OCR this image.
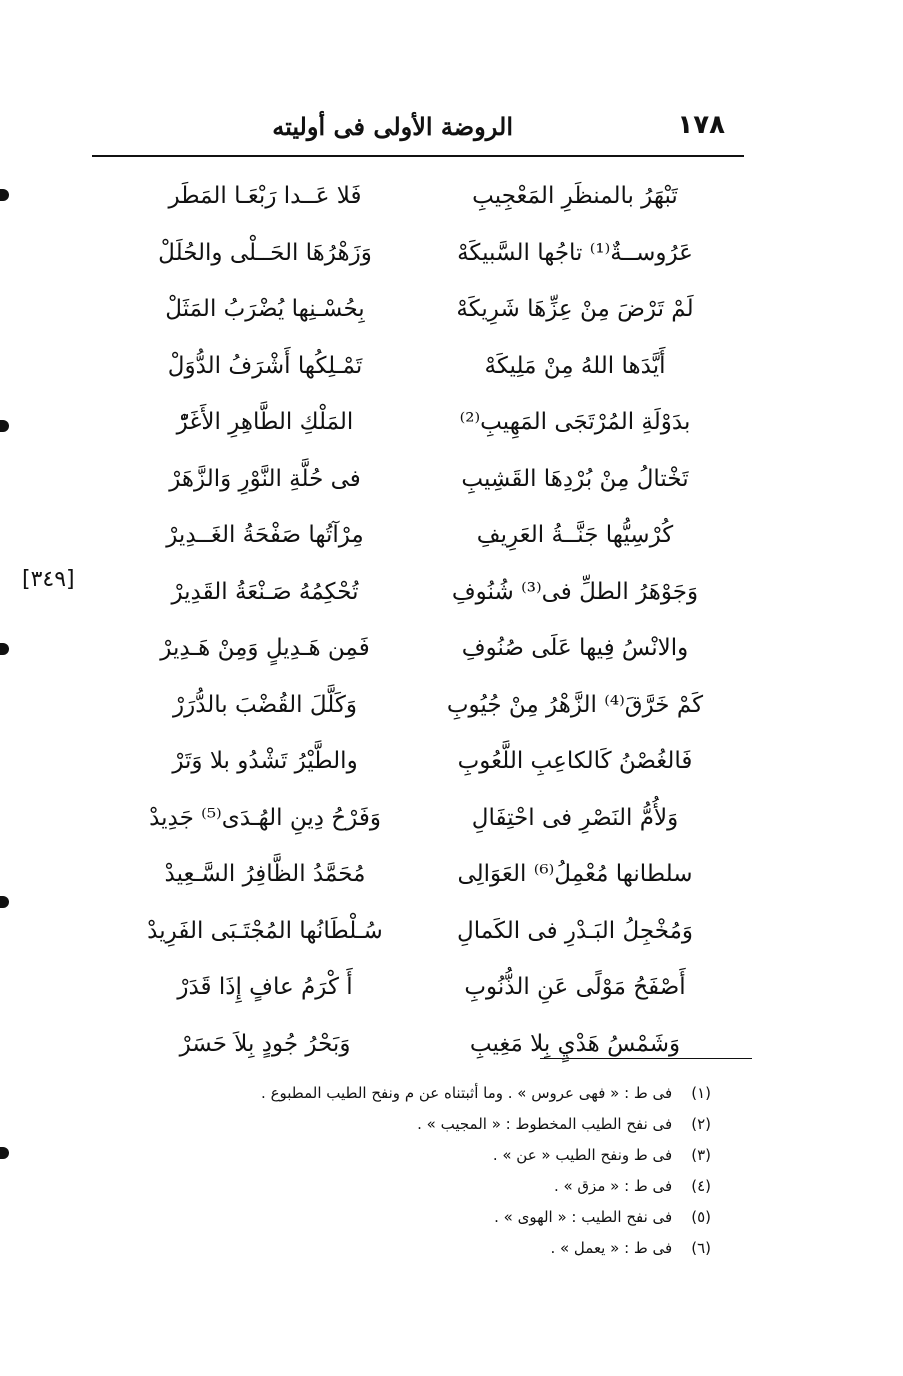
١٧٨
الروضة الأولى فى أوليته
تَبْهَرُ بالمنظَرِ المَعْجِيبِ
فَلا عَــدا رَبْعَـا المَطَر
عَرُوســةٌ⁽¹⁾ تاجُها السَّبيكَهْ
وَزَهْرُهَا الحَــلْى والحُلَلْ
لَمْ تَرْضَ مِنْ عِزِّهَا شَرِيكَهْ
بِحُسْـنِها يُضْرَبُ المَثَلْ
أَيَّدَها اللهُ مِنْ مَلِيكَهْ
تَمْـلِكُها أَشْرَفُ الدُّوَلْ
بدَوْلَةِ المُرْتَجَى المَهِيبِ⁽²⁾
المَلْكِ الطَّاهِرِ الأَغَرّْ
تَخْتالُ مِنْ بُرْدِهَا القَشِيبِ
فى حُلَّةِ النَّوْرِ وَالزَّهَرْ
كُرْسِيُّها جَنَّــةُ العَرِيفِ
مِرْآتُها صَفْحَةُ الغَــدِيرْ
وَجَوْهَرُ الطلِّ فى⁽³⁾ شُنُوفِ
تُحْكِمُهُ صَـنْعَةُ القَدِيرْ
والانْسُ فِيها عَلَى صُنُوفِ
فَمِن هَـدِيلٍ وَمِنْ هَـدِيرْ
كَمْ خَرَّقَ⁽⁴⁾ الزَّهْرُ مِنْ جُيُوبِ
وَكَلَّلَ القُضْبَ بالدُّرَرْ
فَالغُصْنُ كَالكاعِبِ اللَّعُوبِ
والطَّيْرُ تَشْدُو بلا وَتَرْ
وَلأُمُّ النَصْرِ فى احْتِفَالِ
وَفَرْحُ دِينِ الهُـدَى⁽⁵⁾ جَدِيدْ
سلطانها مُعْمِلُ⁽⁶⁾ العَوَالِى
مُحَمَّدُ الظَّافِرُ السَّـعِيدْ
وَمُخْجِلُ البَـدْرِ فى الكَمالِ
سُـلْطَانُها المُجْتَـبَى الفَرِيدْ
أَصْفَحُ مَوْلًى عَنِ الذُّنُوبِ
أَ كْرَمُ عافٍ إِذَا قَدَرْ
وَشَمْسُ هَدْيٍ بِلا مَغِيبِ
وَبَحْرُ جُودٍ بِلاَ حَسَرْ
[٣٤٩]
(١) فى ط : « فهى عروس » . وما أثبتناه عن م ونفح الطيب المطبوع .
(٢) فى نفح الطيب المخطوط : « المجيب » .
(٣) فى ط ونفح الطيب « عن » .
(٤) فى ط : « مزق » .
(٥) فى نفح الطيب : « الهوى » .
(٦) فى ط : « يعمل » .
